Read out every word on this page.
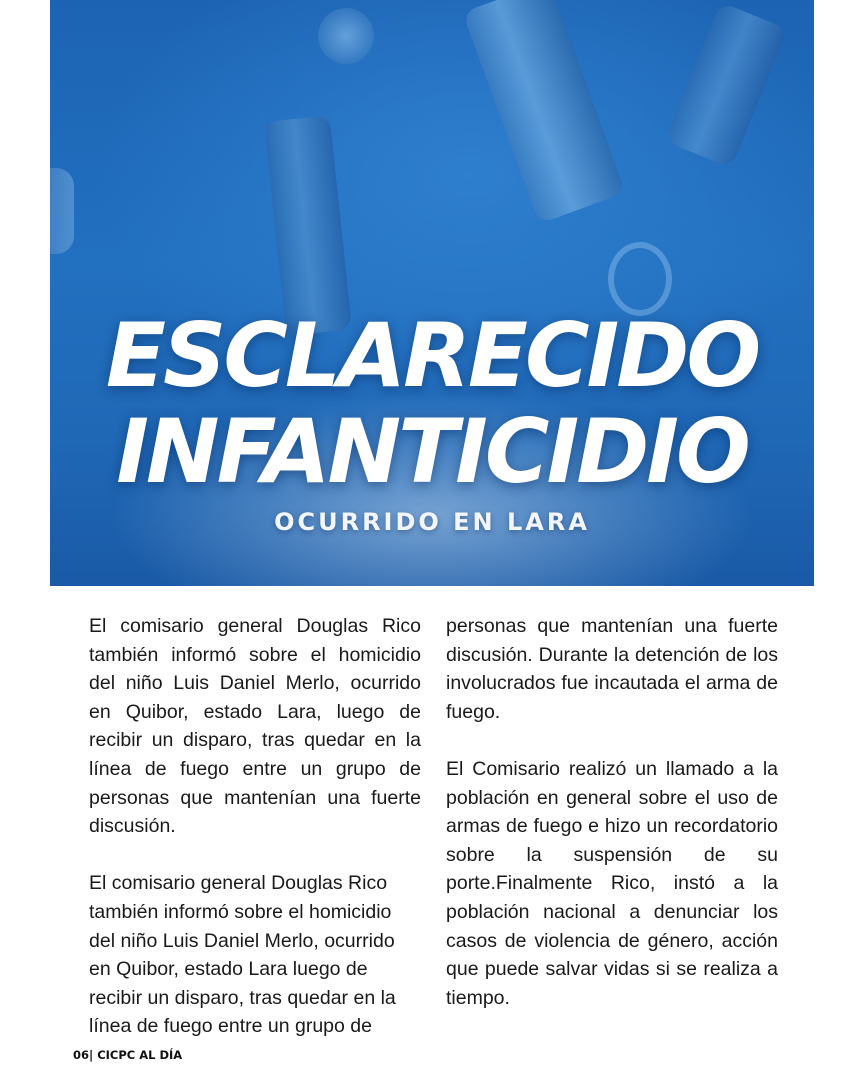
ESCLARECIDO
INFANTICIDIO
OCURRIDO EN LARA

El comisario general Douglas Rico también informó sobre el homicidio del niño Luis Daniel Merlo, ocurrido en Quibor, estado Lara, luego de recibir un disparo, tras quedar en la línea de fuego entre un grupo de personas que mantenían una fuerte discusión.

El comisario general Douglas Rico también informó sobre el homicidio del niño Luis Daniel Merlo, ocurrido en Quibor, estado Lara luego de recibir un disparo, tras quedar en la línea de fuego entre un grupo de

personas que mantenían una fuerte discusión. Durante la detención de los involucrados fue incautada el arma de fuego.

El Comisario realizó un llamado a la población en general sobre el uso de armas de fuego e hizo un recordatorio sobre la suspensión de su porte.Finalmente Rico, instó a la población nacional a denunciar los casos de violencia de género, acción que puede salvar vidas si se realiza a tiempo.

06| CICPC AL DÍA
